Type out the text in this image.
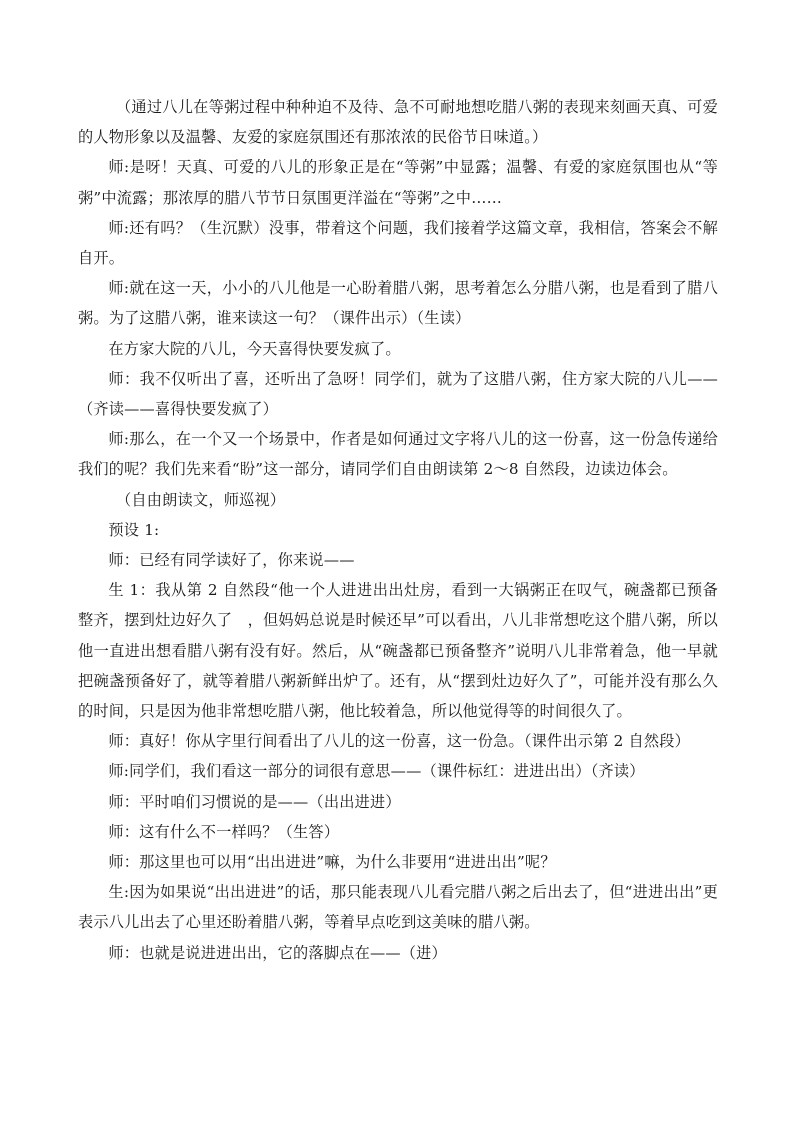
（通过八儿在等粥过程中种种迫不及待、急不可耐地想吃腊八粥的表现来刻画天真、可爱的人物形象以及温馨、友爱的家庭氛围还有那浓浓的民俗节日味道。）

师:是呀！天真、可爱的八儿的形象正是在“等粥”中显露；温馨、有爱的家庭氛围也从“等粥”中流露；那浓厚的腊八节节日氛围更洋溢在“等粥”之中……

师:还有吗？（生沉默）没事，带着这个问题，我们接着学这篇文章，我相信，答案会不解自开。

师:就在这一天，小小的八儿他是一心盼着腊八粥，思考着怎么分腊八粥，也是看到了腊八粥。为了这腊八粥，谁来读这一句？（课件出示）（生读）

在方家大院的八儿，今天喜得快要发疯了。

师：我不仅听出了喜，还听出了急呀！同学们，就为了这腊八粥，住方家大院的八儿——（齐读——喜得快要发疯了）

师:那么，在一个又一个场景中，作者是如何通过文字将八儿的这一份喜，这一份急传递给我们的呢？我们先来看“盼”这一部分，请同学们自由朗读第 2～8 自然段，边读边体会。

（自由朗读文，师巡视）

预设 1:

师：已经有同学读好了，你来说——

生 1：我从第 2 自然段“他一个人进进出出灶房，看到一大锅粥正在叹气，碗盏都已预备整齐，摆到灶边好久了　，但妈妈总说是时候还早”可以看出，八儿非常想吃这个腊八粥，所以他一直进出想看腊八粥有没有好。然后，从“碗盏都已预备整齐”说明八儿非常着急，他一早就把碗盏预备好了，就等着腊八粥新鲜出炉了。还有，从“摆到灶边好久了”，可能并没有那么久的时间，只是因为他非常想吃腊八粥，他比较着急，所以他觉得等的时间很久了。

师：真好！你从字里行间看出了八儿的这一份喜，这一份急。（课件出示第 2 自然段）

师:同学们，我们看这一部分的词很有意思——（课件标红：进进出出）（齐读）

师：平时咱们习惯说的是——（出出进进）

师：这有什么不一样吗？（生答）

师：那这里也可以用“出出进进”嘛，为什么非要用“进进出出”呢？

生:因为如果说“出出进进”的话，那只能表现八儿看完腊八粥之后出去了，但“进进出出”更表示八儿出去了心里还盼着腊八粥，等着早点吃到这美味的腊八粥。

师：也就是说进进出出，它的落脚点在——（进）
